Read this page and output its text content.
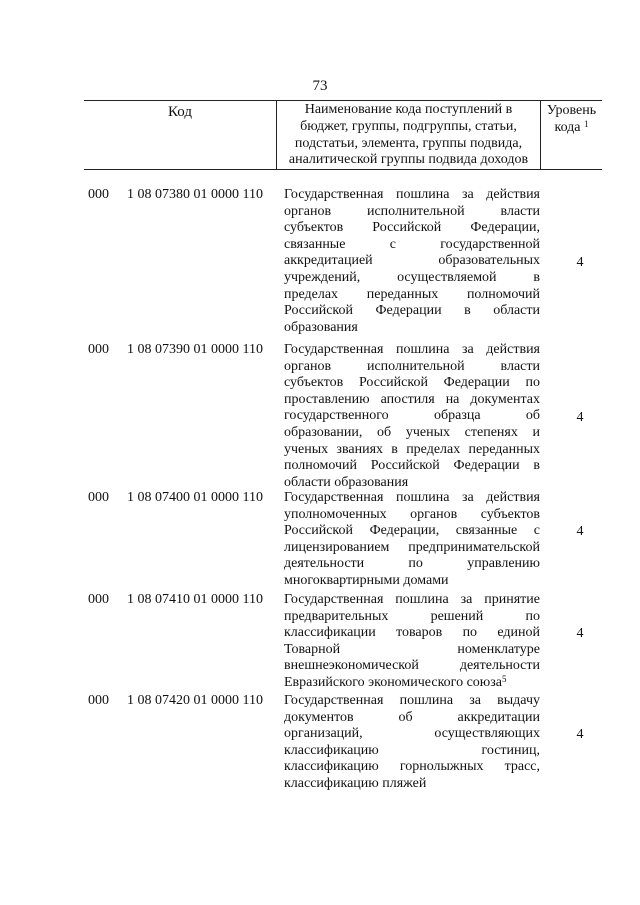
73
Код	Наименование кода поступлений в
бюджет, группы, подгруппы, статьи,
подстатьи, элемента, группы подвида,
аналитической группы подвида доходов
Уровень
кода $^1$
000 1 08 07380 01 0000 110 Государственная пошлина за действия
органов исполнительной власти
субъектов Российской Федерации,
связанные с государственной
аккредитацией образовательных
учреждений, осуществляемой в
пределах переданных полномочий
Российской Федерации в области
образования
4
000 1 08 07390 01 0000 110 Государственная пошлина за действия
органов исполнительной власти
субъектов Российской Федерации по
проставлению апостиля на документах
государственного образца об
образовании, об ученых степенях и
ученых званиях в пределах переданных
полномочий Российской Федерации в
области образования
4
000 1 08 07400 01 0000 110 Государственная пошлина за действия
уполномоченных органов субъектов
Российской Федерации, связанные с
лицензированием предпринимательской
деятельности по управлению
многоквартирными домами
4
000 1 08 07410 01 0000 110 Государственная пошлина за принятие
предварительных решений по
классификации товаров по единой
Товарной номенклатуре
внешнеэкономической деятельности
Евразийского экономического союза$^5$
4
000 1 08 07420 01 0000 110 Государственная пошлина за выдачу
документов об аккредитации
организаций, осуществляющих
классификацию гостиниц,
классификацию горнолыжных трасс,
классификацию пляжей
4
